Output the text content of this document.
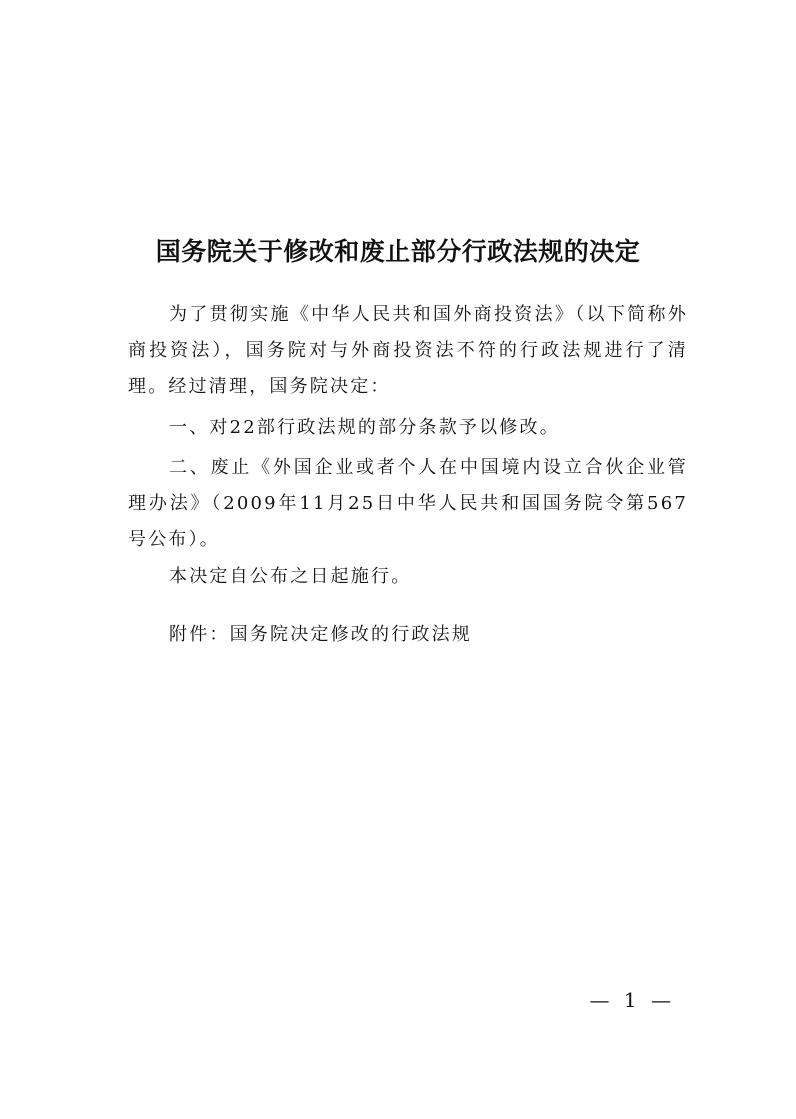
国务院关于修改和废止部分行政法规的决定

为了贯彻实施《中华人民共和国外商投资法》（以下简称外商投资法），国务院对与外商投资法不符的行政法规进行了清理。经过清理，国务院决定：

一、对22部行政法规的部分条款予以修改。

二、废止《外国企业或者个人在中国境内设立合伙企业管理办法》（2009年11月25日中华人民共和国国务院令第567号公布）。

本决定自公布之日起施行。

附件：国务院决定修改的行政法规

— 1 —
